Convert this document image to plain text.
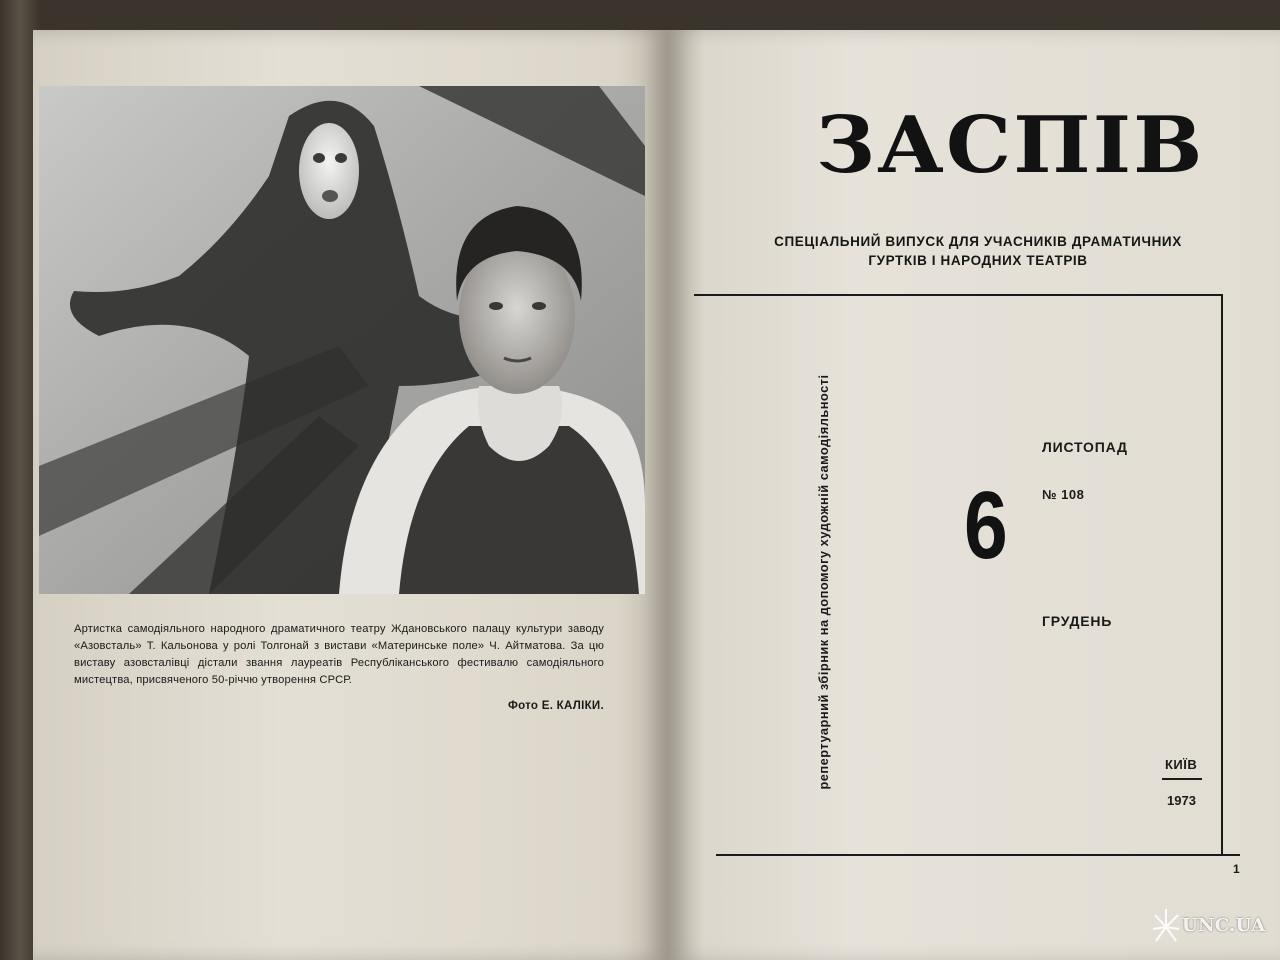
Артистка самодіяльного народного драматичного театру Ждановського палацу культури заводу «Азовсталь» Т. Кальонова у ролі Толгонай з вистави «Материнське поле» Ч. Айтматова. За цю виставу азовсталівці дістали звання лауреатів Республіканського фестивалю самодіяльного мистецтва, присвяченого 50-річчю утворення СРСР.

Фото Е. КАЛІКИ.

ЗАСПІВ
СПЕЦІАЛЬНИЙ ВИПУСК ДЛЯ УЧАСНИКІВ ДРАМАТИЧНИХ
ГУРТКІВ І НАРОДНИХ ТЕАТРІВ
репертуарний збірник на допомогу художній самодіяльності	ЛИСТОПАД
6	№ 108
ГРУДЕНЬ
КИЇВ
1973
1
UNC.UA
